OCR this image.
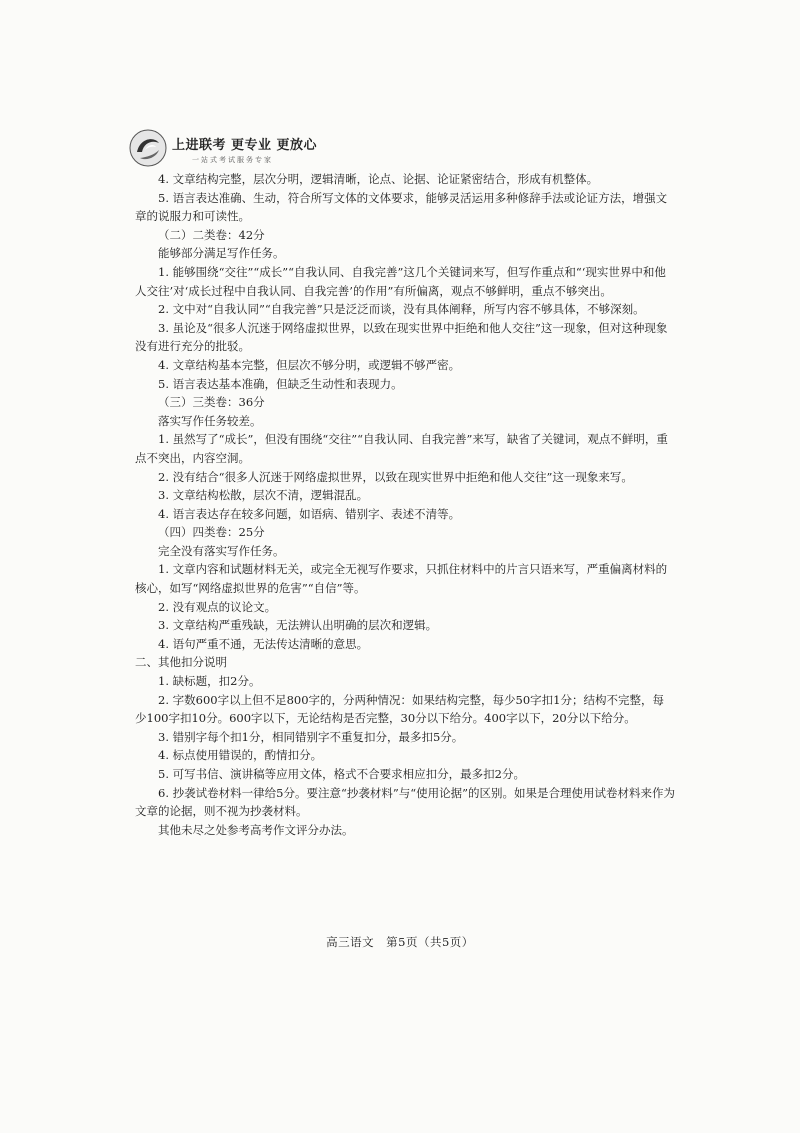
上进联考 更专业 更放心
一站式考试服务专家

4. 文章结构完整，层次分明，逻辑清晰，论点、论据、论证紧密结合，形成有机整体。

5. 语言表达准确、生动，符合所写文体的文体要求，能够灵活运用多种修辞手法或论证方法，增强文章的说服力和可读性。

（二）二类卷：42分

能够部分满足写作任务。

1. 能够围绕“交往”“成长”“自我认同、自我完善”这几个关键词来写，但写作重点和“‘现实世界中和他人交往’对‘成长过程中自我认同、自我完善’的作用”有所偏离，观点不够鲜明，重点不够突出。

2. 文中对“自我认同”“自我完善”只是泛泛而谈，没有具体阐释，所写内容不够具体，不够深刻。

3. 虽论及“很多人沉迷于网络虚拟世界，以致在现实世界中拒绝和他人交往”这一现象，但对这种现象没有进行充分的批驳。

4. 文章结构基本完整，但层次不够分明，或逻辑不够严密。

5. 语言表达基本准确，但缺乏生动性和表现力。

（三）三类卷：36分

落实写作任务较差。

1. 虽然写了“成长”，但没有围绕“交往”“自我认同、自我完善”来写，缺省了关键词，观点不鲜明，重点不突出，内容空洞。

2. 没有结合“很多人沉迷于网络虚拟世界，以致在现实世界中拒绝和他人交往”这一现象来写。

3. 文章结构松散，层次不清，逻辑混乱。

4. 语言表达存在较多问题，如语病、错别字、表述不清等。

（四）四类卷：25分

完全没有落实写作任务。

1. 文章内容和试题材料无关，或完全无视写作要求，只抓住材料中的片言只语来写，严重偏离材料的核心，如写“网络虚拟世界的危害”“自信”等。

2. 没有观点的议论文。

3. 文章结构严重残缺，无法辨认出明确的层次和逻辑。

4. 语句严重不通，无法传达清晰的意思。

二、其他扣分说明

1. 缺标题，扣2分。

2. 字数600字以上但不足800字的，分两种情况：如果结构完整，每少50字扣1分；结构不完整，每少100字扣10分。600字以下，无论结构是否完整，30分以下给分。400字以下，20分以下给分。

3. 错别字每个扣1分，相同错别字不重复扣分，最多扣5分。

4. 标点使用错误的，酌情扣分。

5. 可写书信、演讲稿等应用文体，格式不合要求相应扣分，最多扣2分。

6. 抄袭试卷材料一律给5分。要注意“抄袭材料”与“使用论据”的区别。如果是合理使用试卷材料来作为文章的论据，则不视为抄袭材料。

其他未尽之处参考高考作文评分办法。

高三语文　第5页（共5页）
